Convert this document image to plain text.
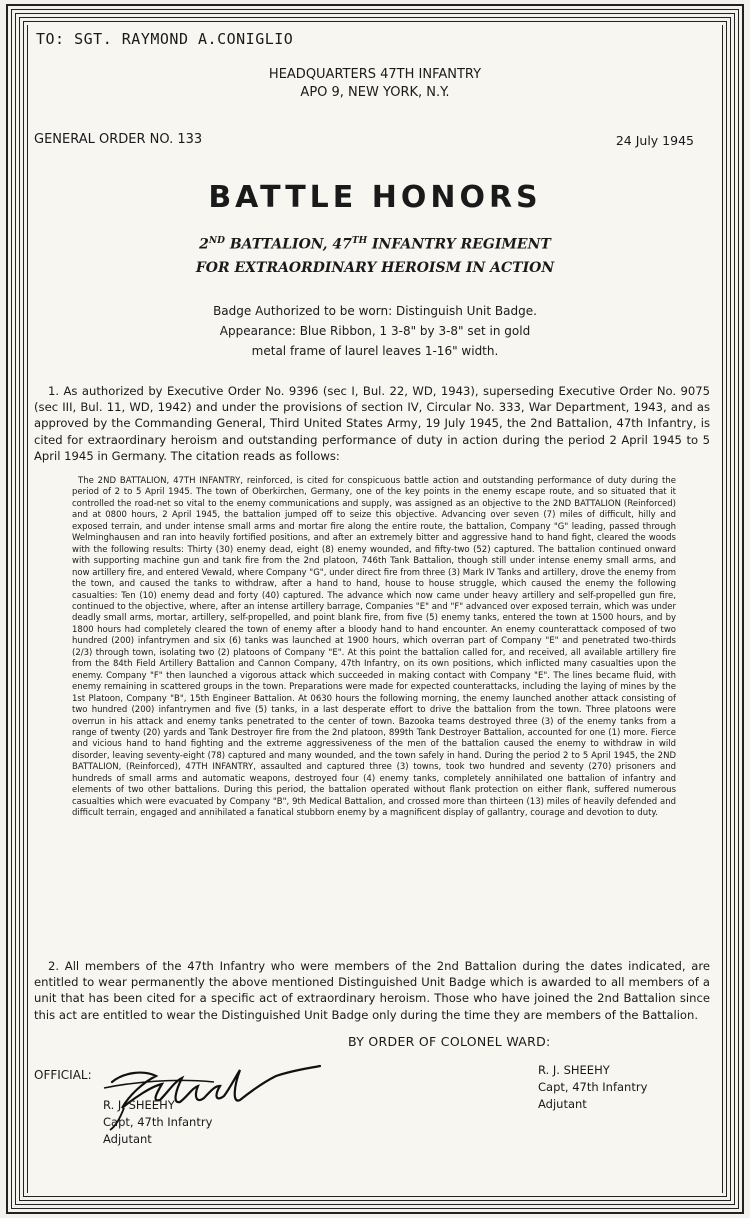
TO: SGT. RAYMOND A.CONIGLIO
HEADQUARTERS 47TH INFANTRY
APO 9, NEW YORK, N.Y.
GENERAL ORDER NO. 133	24 July 1945
BATTLE HONORS
2ND BATTALION, 47TH INFANTRY REGIMENT
FOR EXTRAORDINARY HEROISM IN ACTION
Badge Authorized to be worn: Distinguish Unit Badge.
Appearance: Blue Ribbon, 1 3-8" by 3-8" set in gold
metal frame of laurel leaves 1-16" width.
1. As authorized by Executive Order No. 9396 (sec I, Bul. 22, WD, 1943), superseding Executive Order No. 9075 (sec III, Bul. 11, WD, 1942) and under the provisions of section IV, Circular No. 333, War Department, 1943, and as approved by the Commanding General, Third United States Army, 19 July 1945, the 2nd Battalion, 47th Infantry, is cited for extraordinary heroism and outstanding performance of duty in action during the period 2 April 1945 to 5 April 1945 in Germany. The citation reads as follows:
The 2ND BATTALION, 47TH INFANTRY, reinforced, is cited for conspicuous battle action and outstanding performance of duty during the period of 2 to 5 April 1945. The town of Oberkirchen, Germany, one of the key points in the enemy escape route, and so situated that it controlled the road-net so vital to the enemy communications and supply, was assigned as an objective to the 2ND BATTALION (Reinforced) and at 0800 hours, 2 April 1945, the battalion jumped off to seize this objective. Advancing over seven (7) miles of difficult, hilly and exposed terrain, and under intense small arms and mortar fire along the entire route, the battalion, Company "G" leading, passed through Welminghausen and ran into heavily fortified positions, and after an extremely bitter and aggressive hand to hand fight, cleared the woods with the following results: Thirty (30) enemy dead, eight (8) enemy wounded, and fifty-two (52) captured. The battalion continued onward with supporting machine gun and tank fire from the 2nd platoon, 746th Tank Battalion, though still under intense enemy small arms, and now artillery fire, and entered Vewald, where Company "G", under direct fire from three (3) Mark IV Tanks and artillery, drove the enemy from the town, and caused the tanks to withdraw, after a hand to hand, house to house struggle, which caused the enemy the following casualties: Ten (10) enemy dead and forty (40) captured. The advance which now came under heavy artillery and self-propelled gun fire, continued to the objective, where, after an intense artillery barrage, Companies "E" and "F" advanced over exposed terrain, which was under deadly small arms, mortar, artillery, self-propelled, and point blank fire, from five (5) enemy tanks, entered the town at 1500 hours, and by 1800 hours had completely cleared the town of enemy after a bloody hand to hand encounter. An enemy counterattack composed of two hundred (200) infantrymen and six (6) tanks was launched at 1900 hours, which overran part of Company "E" and penetrated two-thirds (2/3) through town, isolating two (2) platoons of Company "E". At this point the battalion called for, and received, all available artillery fire from the 84th Field Artillery Battalion and Cannon Company, 47th Infantry, on its own positions, which inflicted many casualties upon the enemy. Company "F" then launched a vigorous attack which succeeded in making contact with Company "E". The lines became fluid, with enemy remaining in scattered groups in the town. Preparations were made for expected counterattacks, including the laying of mines by the 1st Platoon, Company "B", 15th Engineer Battalion. At 0630 hours the following morning, the enemy launched another attack consisting of two hundred (200) infantrymen and five (5) tanks, in a last desperate effort to drive the battalion from the town. Three platoons were overrun in his attack and enemy tanks penetrated to the center of town. Bazooka teams destroyed three (3) of the enemy tanks from a range of twenty (20) yards and Tank Destroyer fire from the 2nd platoon, 899th Tank Destroyer Battalion, accounted for one (1) more. Fierce and vicious hand to hand fighting and the extreme aggressiveness of the men of the battalion caused the enemy to withdraw in wild disorder, leaving seventy-eight (78) captured and many wounded, and the town safely in hand. During the period 2 to 5 April 1945, the 2ND BATTALION, (Reinforced), 47TH INFANTRY, assaulted and captured three (3) towns, took two hundred and seventy (270) prisoners and hundreds of small arms and automatic weapons, destroyed four (4) enemy tanks, completely annihilated one battalion of infantry and elements of two other battalions. During this period, the battalion operated without flank protection on either flank, suffered numerous casualties which were evacuated by Company "B", 9th Medical Battalion, and crossed more than thirteen (13) miles of heavily defended and difficult terrain, engaged and annihilated a fanatical stubborn enemy by a magnificent display of gallantry, courage and devotion to duty.
2. All members of the 47th Infantry who were members of the 2nd Battalion during the dates indicated, are entitled to wear permanently the above mentioned Distinguished Unit Badge which is awarded to all members of a unit that has been cited for a specific act of extraordinary heroism. Those who have joined the 2nd Battalion since this act are entitled to wear the Distinguished Unit Badge only during the time they are members of the Battalion.
BY ORDER OF COLONEL WARD:
OFFICIAL:
R. J. SHEEHY
Capt, 47th Infantry
Adjutant
R. J. SHEEHY
Capt, 47th Infantry
Adjutant
